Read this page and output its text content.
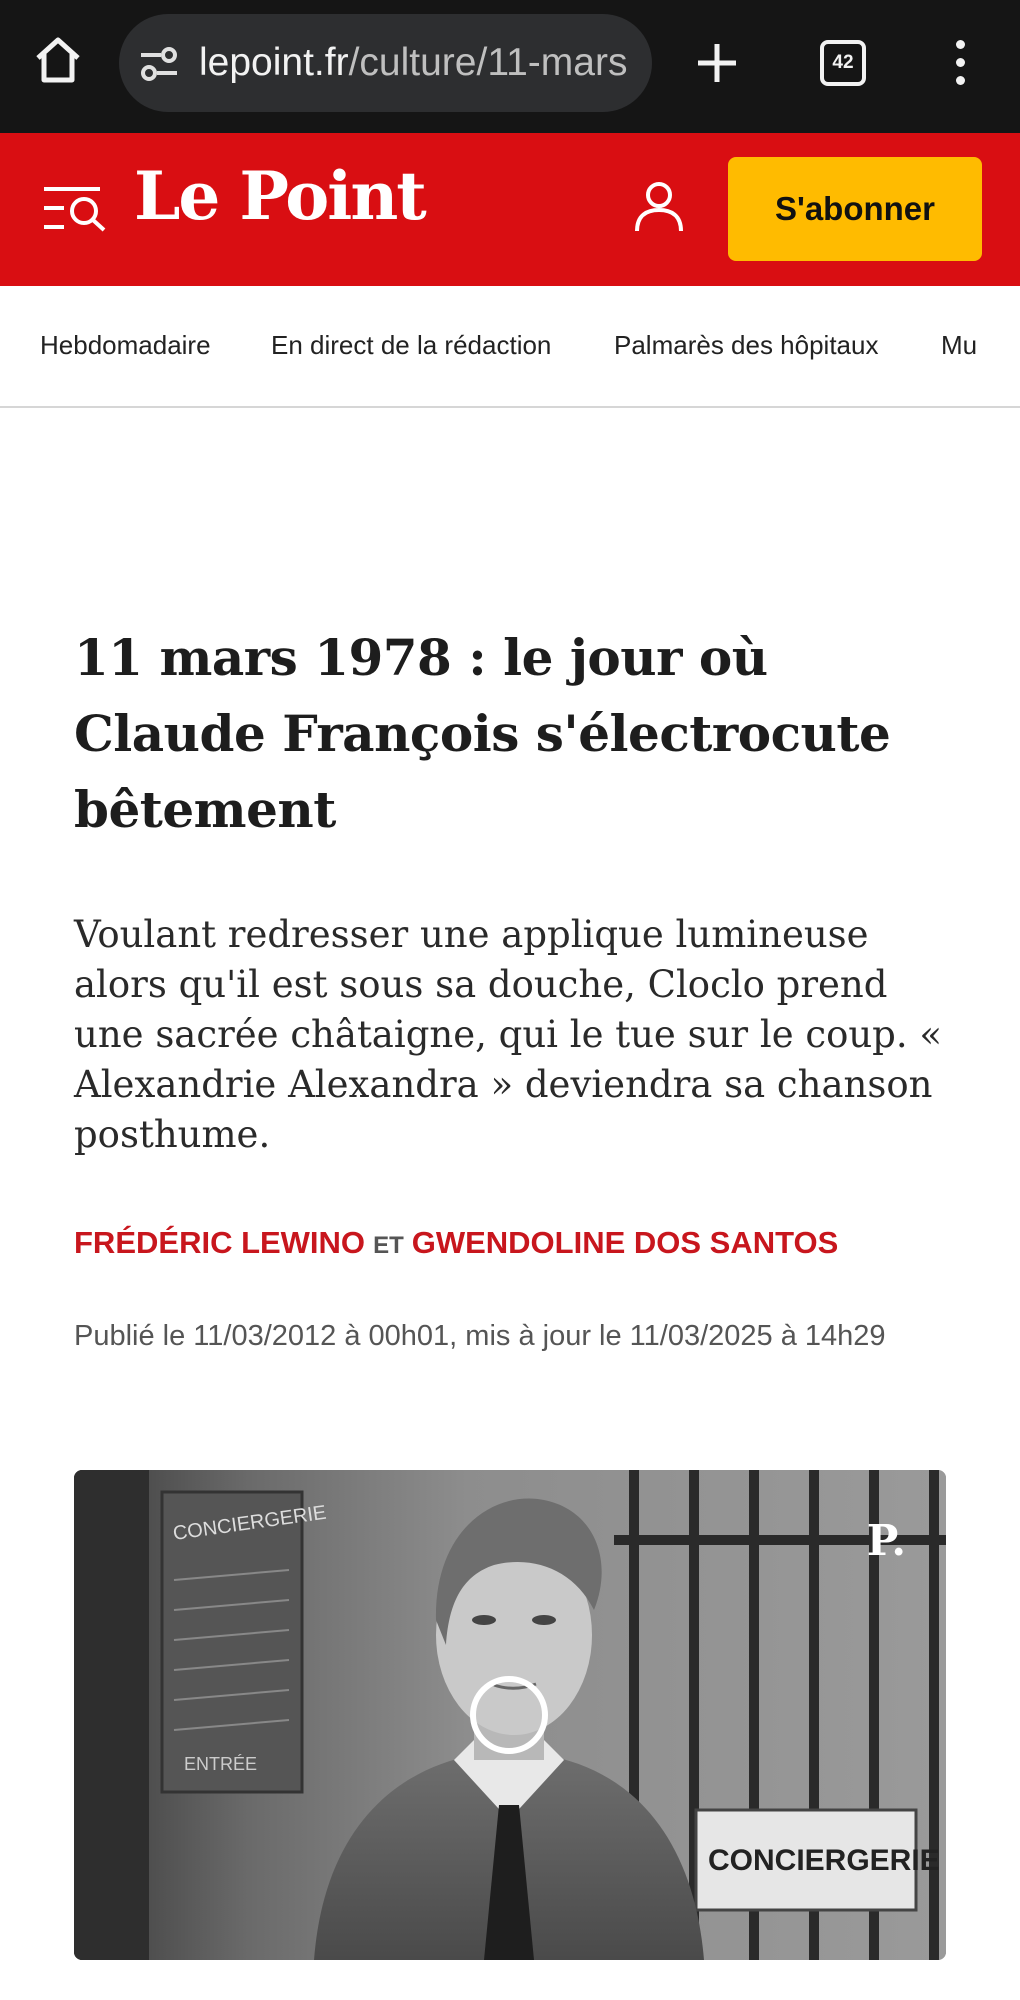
lepoint.fr/culture/11-mars	42
Le Point	S'abonner
Hebdomadaire En direct de la rédaction Palmarès des hôpitaux Mu
11 mars 1978 : le jour où Claude François s'électrocute bêtement

Voulant redresser une applique lumineuse alors qu'il est sous sa douche, Cloclo prend une sacrée châtaigne, qui le tue sur le coup. « Alexandrie Alexandra » deviendra sa chanson posthume.

FRÉDÉRIC LEWINO ET GWENDOLINE DOS SANTOS
Publié le 11/03/2012 à 00h01, mis à jour le 11/03/2025 à 14h29
CONCIERGERIE
ENTRÉE
CONCIERGERIE
P.
